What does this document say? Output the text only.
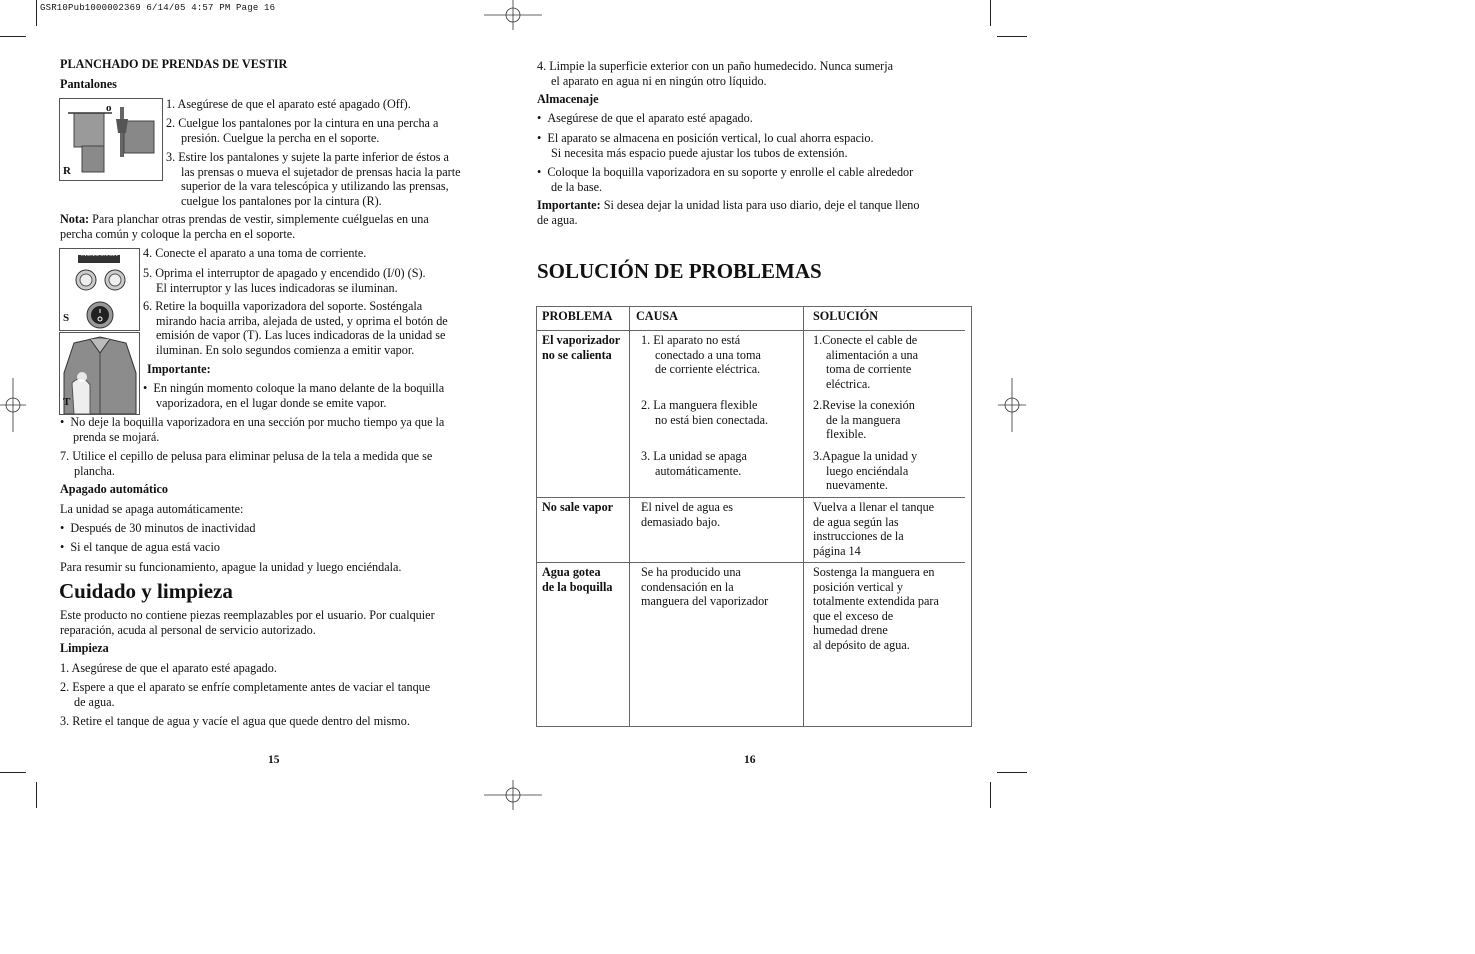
GSR10Pub1000002369 6/14/05 4:57 PM Page 16
PLANCHADO DE PRENDAS DE VESTIR
Pantalones
o
R
1. Asegúrese de que el aparato esté apagado (Off).
2. Cuelgue los pantalones por la cintura en una percha a
presión. Cuelgue la percha en el soporte.
3. Estire los pantalones y sujete la parte inferior de éstos a
las prensas o mueva el sujetador de prensas hacia la parte
superior de la vara telescópica y utilizando las prensas,
cuelgue los pantalones por la cintura (R).
Nota: Para planchar otras prendas de vestir, simplemente cuélguelas en una
percha común y coloque la percha en el soporte.
STEAM ON/OFF
S
T
4. Conecte el aparato a una toma de corriente.
5. Oprima el interruptor de apagado y encendido (I/0) (S).
El interruptor y las luces indicadoras se iluminan.
6. Retire la boquilla vaporizadora del soporte. Sosténgala
mirando hacia arriba, alejada de usted, y oprima el botón de
emisión de vapor (T). Las luces indicadoras de la unidad se
iluminan. En solo segundos comienza a emitir vapor.
Importante:
•  En ningún momento coloque la mano delante de la boquilla
vaporizadora, en el lugar donde se emite vapor.
•  No deje la boquilla vaporizadora en una sección por mucho tiempo ya que la
prenda se mojará.
7. Utilice el cepillo de pelusa para eliminar pelusa de la tela a medida que se
plancha.
Apagado automático
La unidad se apaga automáticamente:
•  Después de 30 minutos de inactividad
•  Si el tanque de agua está vacio
Para resumir su funcionamiento, apague la unidad y luego enciéndala.
Cuidado y limpieza
Este producto no contiene piezas reemplazables por el usuario. Por cualquier
reparación, acuda al personal de servicio autorizado.
Limpieza
1. Asegúrese de que el aparato esté apagado.
2. Espere a que el aparato se enfríe completamente antes de vaciar el tanque
de agua.
3. Retire el tanque de agua y vacíe el agua que quede dentro del mismo.
15
4. Limpie la superficie exterior con un paño humedecido. Nunca sumerja
el aparato en agua ni en ningún otro líquido.
Almacenaje
•  Asegúrese de que el aparato esté apagado.
•  El aparato se almacena en posición vertical, lo cual ahorra espacio.
Si necesita más espacio puede ajustar los tubos de extensión.
•  Coloque la boquilla vaporizadora en su soporte y enrolle el cable alrededor
de la base.
Importante: Si desea dejar la unidad lista para uso diario, deje el tanque lleno
de agua.
SOLUCIÓN DE PROBLEMAS
PROBLEMA CAUSA	SOLUCIÓN
El vaporizador
no se calienta
1. El aparato no está
conectado a una toma
de corriente eléctrica.
2. La manguera flexible
no está bien conectada.
3. La unidad se apaga
automáticamente.
1.Conecte el cable de
alimentación a una
toma de corriente
eléctrica.
2.Revise la conexión
de la manguera
flexible.
3.Apague la unidad y
luego enciéndala
nuevamente.
No sale vapor El nivel de agua es
demasiado bajo.
Vuelva a llenar el tanque
de agua según las
instrucciones de la
página 14
Agua gotea
de la boquilla
Se ha producido una
condensación en la
manguera del vaporizador
Sostenga la manguera en
posición vertical y
totalmente extendida para
que el exceso de
humedad drene
al depósito de agua.
16
